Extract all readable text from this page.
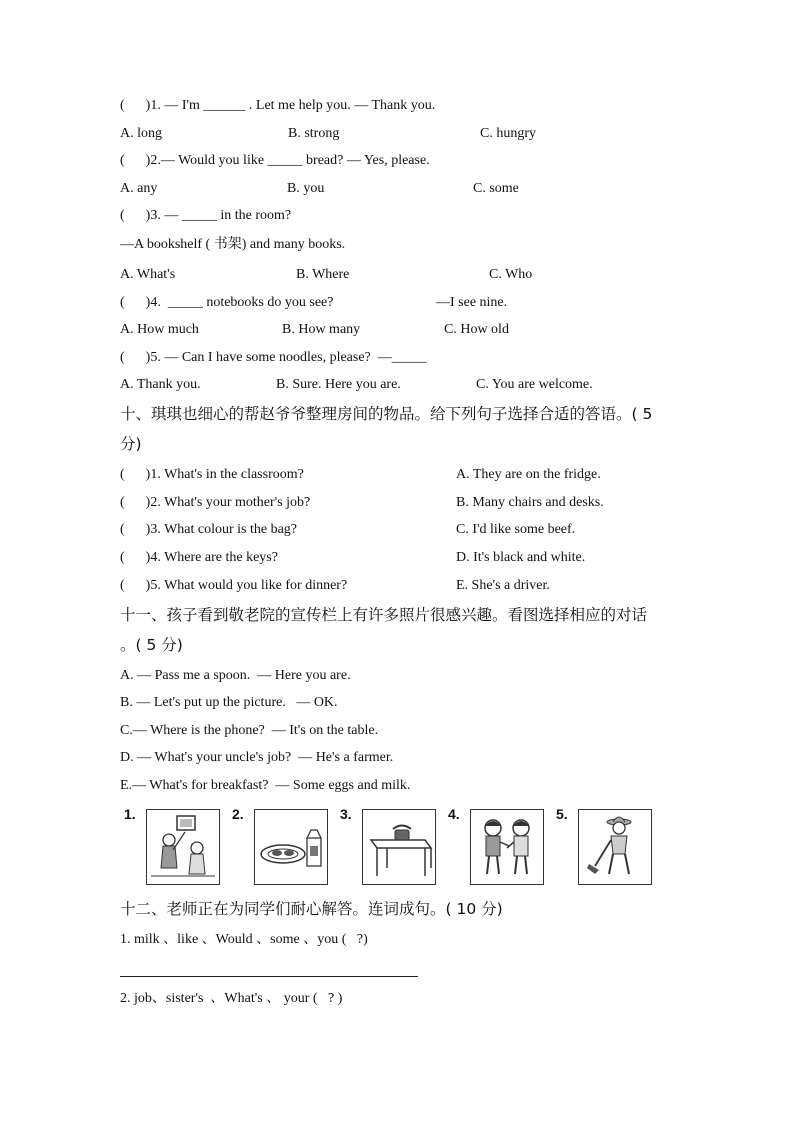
(      )1. — I'm ______ . Let me help you. — Thank you.
A. long	B. strong	C. hungry
(      )2.— Would you like _____ bread? — Yes, please.
A. any	B. you	C. some
(      )3. — _____ in the room?
—A bookshelf ( 书架) and many books.
A. What's	B. Where	C. Who
(      )4.  _____ notebooks do you see?	—I see nine.
A. How much	B. How many	C. How old
(      )5. — Can I have some noodles, please?  —_____
A. Thank you.	B. Sure. Here you are.	C. You are welcome.
十、琪琪也细心的帮赵爷爷整理房间的物品。给下列句子选择合适的答语。( 5
分)
(      )1. What's in the classroom?	A. They are on the fridge.
(      )2. What's your mother's job?	B. Many chairs and desks.
(      )3. What colour is the bag?	C. I'd like some beef.
(      )4. Where are the keys?	D. It's black and white.
(      )5. What would you like for dinner?	E. She's a driver.
十一、孩子看到敬老院的宣传栏上有许多照片很感兴趣。看图选择相应的对话
。( 5 分)
A. — Pass me a spoon.  — Here you are.
B. — Let's put up the picture.   — OK.
C.— Where is the phone?  — It's on the table.
D. — What's your uncle's job?  — He's a farmer.
E.— What's for breakfast?  — Some eggs and milk.
1.	2.	3.	4.	5.
十二、老师正在为同学们耐心解答。连词成句。( 10 分)
1. milk 、like 、Would 、some 、you (   ?)
2. job、sister's  、What's 、 your (   ? )
